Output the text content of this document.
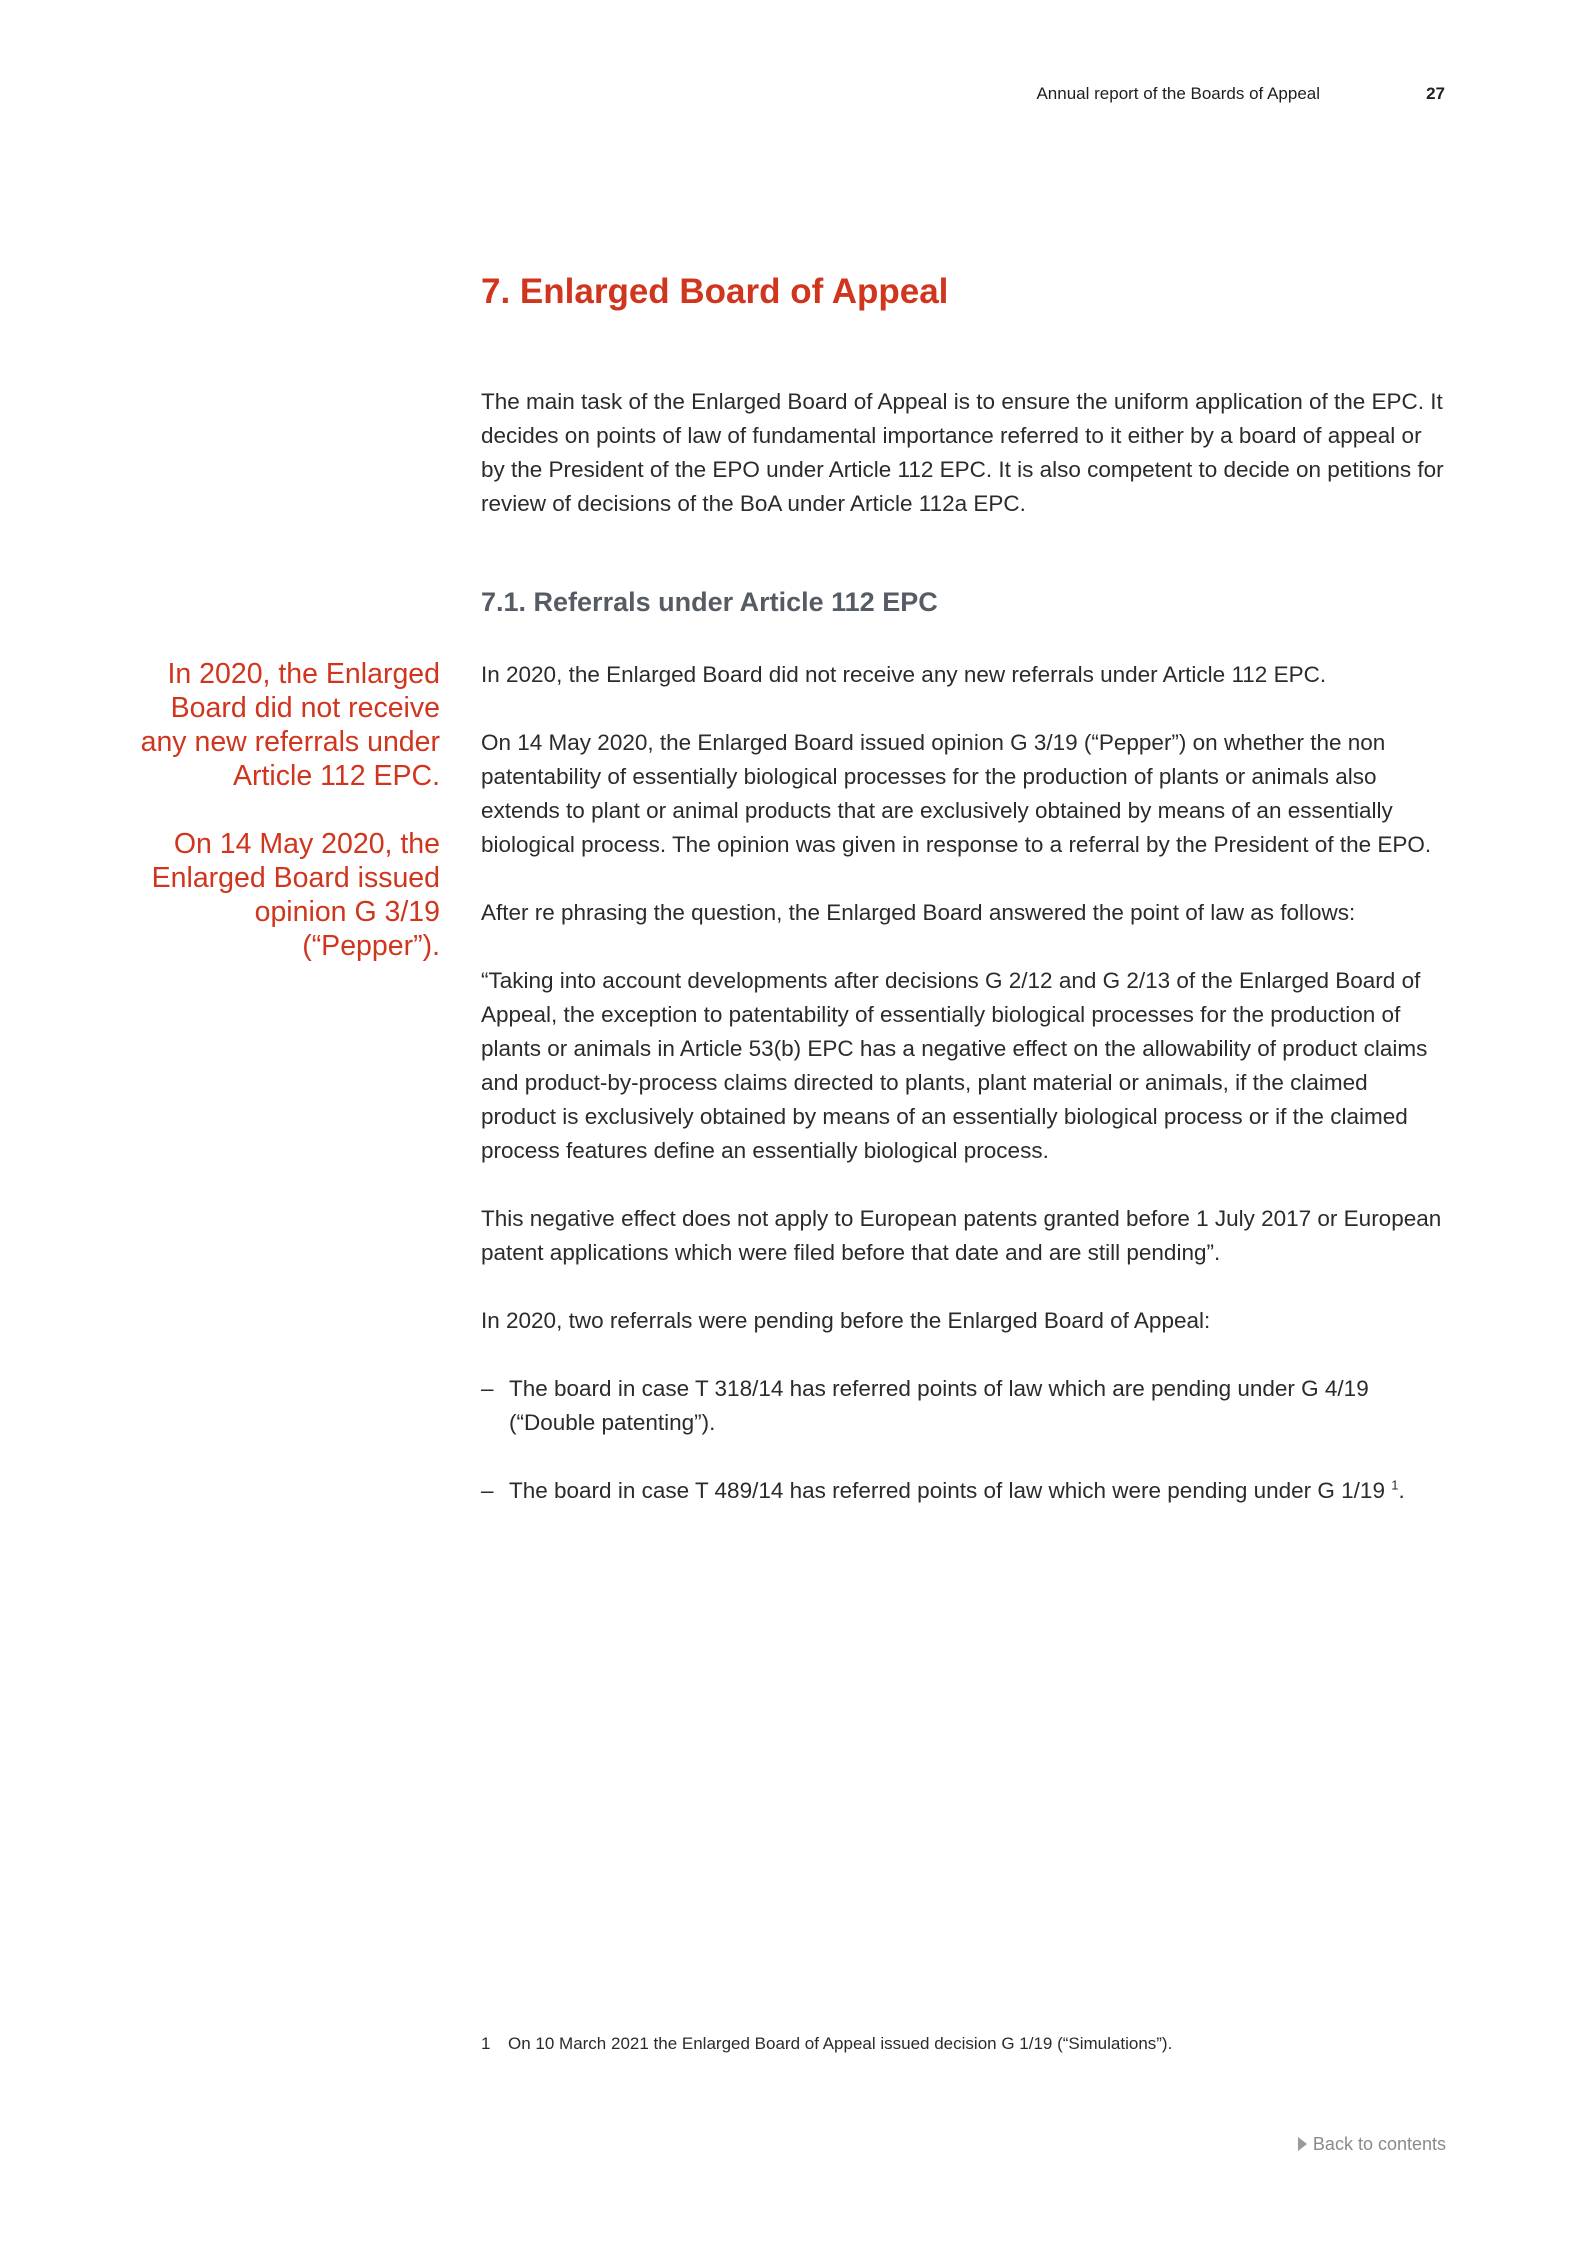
Annual report of the Boards of Appeal	27
7. Enlarged Board of Appeal

The main task of the Enlarged Board of Appeal is to ensure the uniform application of the EPC. It decides on points of law of fundamental importance referred to it either by a board of appeal or by the President of the EPO under Article 112 EPC. It is also competent to decide on petitions for review of decisions of the BoA under Article 112a EPC.

7.1. Referrals under Article 112 EPC

In 2020, the Enlarged Board did not receive any new referrals under Article 112 EPC.

On 14 May 2020, the Enlarged Board issued opinion G 3/19 (“Pepper”).

In 2020, the Enlarged Board did not receive any new referrals under Article 112 EPC.

On 14 May 2020, the Enlarged Board issued opinion G 3/19 (“Pepper”) on whether the non patentability of essentially biological processes for the production of plants or animals also extends to plant or animal products that are exclusively obtained by means of an essentially biological process. The opinion was given in response to a referral by the President of the EPO.

After re phrasing the question, the Enlarged Board answered the point of law as follows:

“Taking into account developments after decisions G 2/12 and G 2/13 of the Enlarged Board of Appeal, the exception to patentability of essentially biological processes for the production of plants or animals in Article 53(b) EPC has a negative effect on the allowability of product claims and product-by-process claims directed to plants, plant material or animals, if the claimed product is exclusively obtained by means of an essentially biological process or if the claimed process features define an essentially biological process.

This negative effect does not apply to European patents granted before 1 July 2017 or European patent applications which were filed before that date and are still pending”.

In 2020, two referrals were pending before the Enlarged Board of Appeal:

– The board in case T 318/14 has referred points of law which are pending under G 4/19 (“Double patenting”).
– The board in case T 489/14 has referred points of law which were pending under G 1/19 $^1$.
1 On 10 March 2021 the Enlarged Board of Appeal issued decision G 1/19 (“Simulations”).
Back to contents
